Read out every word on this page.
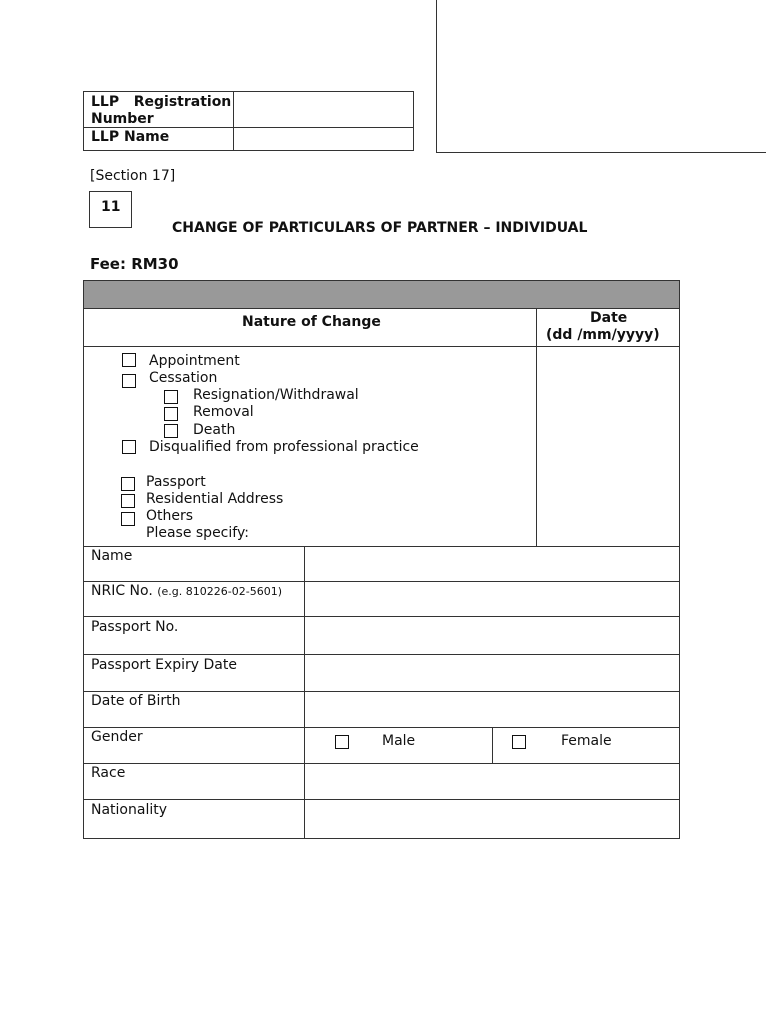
LLP   Registration
Number
LLP Name
[Section 17]
11
CHANGE OF PARTICULARS OF PARTNER – INDIVIDUAL
Fee: RM30
Nature of Change	Date
(dd /mm/yyyy)
Appointment
Cessation
Resignation/Withdrawal
Removal
Death
Disqualified from professional practice
Passport
Residential Address
Others
Please specify:
Name
NRIC No. (e.g. 810226-02-5601)
Passport No.
Passport Expiry Date
Date of Birth
Gender	Male	Female
Race
Nationality
